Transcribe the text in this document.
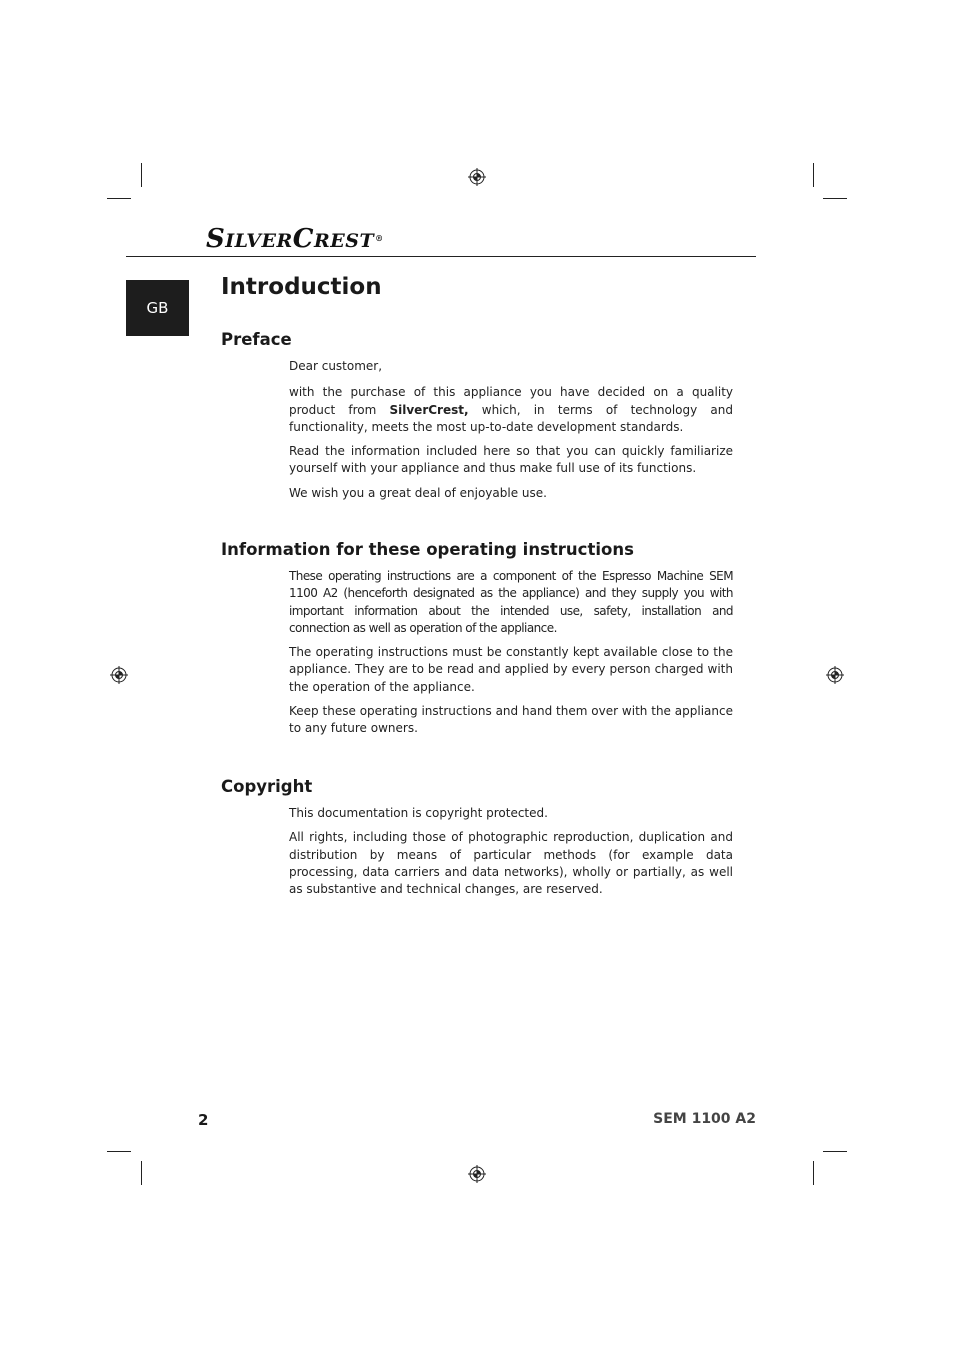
SILVERCREST®
GB
Introduction
Preface

Dear customer,

with the purchase of this appliance you have decided on a quality product from SilverCrest, which, in terms of technology and functionality, meets the most up-to-date development standards.

Read the information included here so that you can quickly familiarize yourself with your appliance and thus make full use of its functions.

We wish you a great deal of enjoyable use.

Information for these operating instructions

These operating instructions are a component of the Espresso Machine SEM 1100 A2 (henceforth designated as the appliance) and they supply you with important information about the intended use, safety, installation and connection as well as operation of the appliance.

The operating instructions must be constantly kept available close to the appliance. They are to be read and applied by every person charged with the operation of the appliance.

Keep these operating instructions and hand them over with the appliance to any future owners.

Copyright

This documentation is copyright protected.

All rights, including those of photographic reproduction, duplication and distribution by means of particular methods (for example data processing, data carriers and data networks), wholly or partially, as well as substantive and technical changes, are reserved.

2	SEM 1100 A2
